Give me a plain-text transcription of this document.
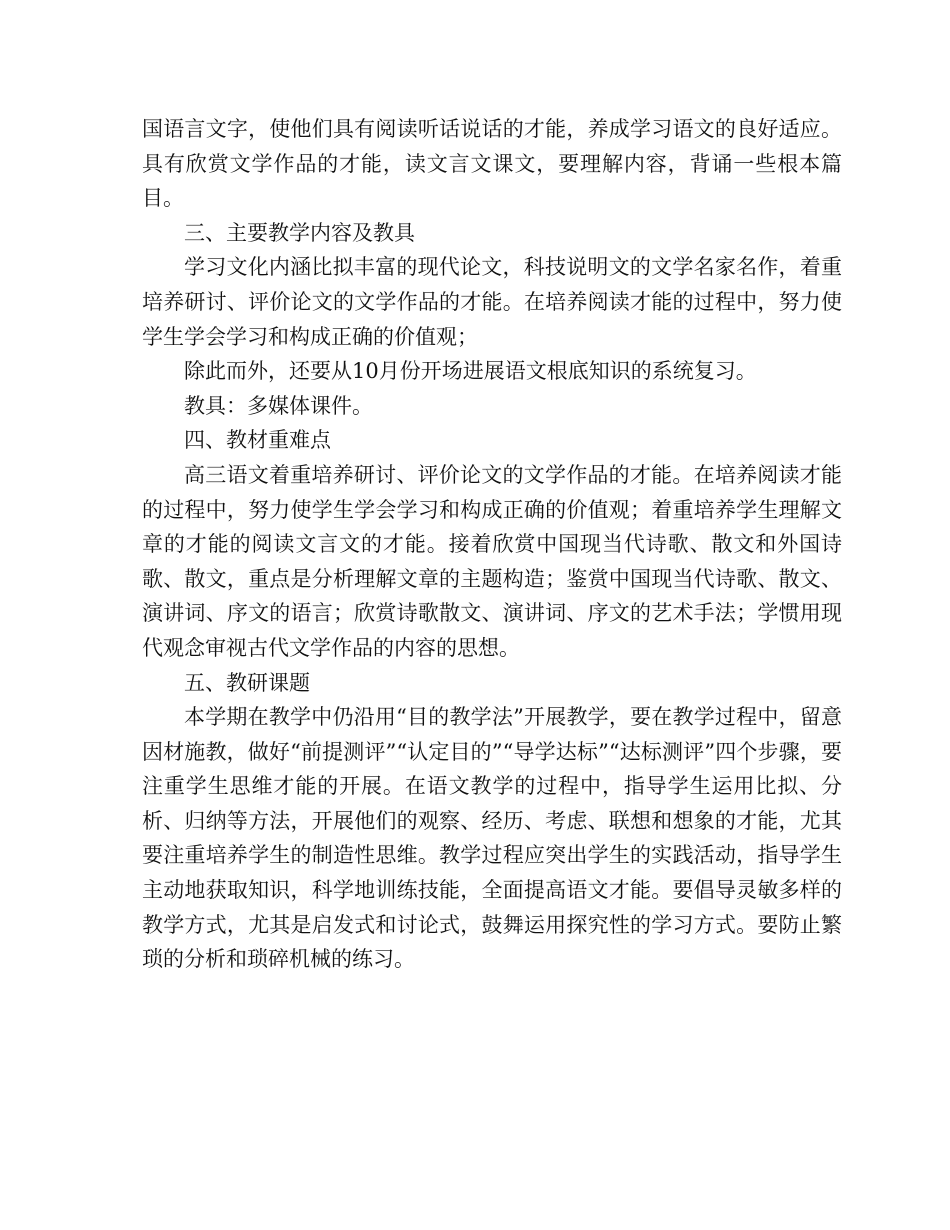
国语言文字，使他们具有阅读听话说话的才能，养成学习语文的良好适应。具有欣赏文学作品的才能，读文言文课文，要理解内容，背诵一些根本篇目。

三、主要教学内容及教具

学习文化内涵比拟丰富的现代论文，科技说明文的文学名家名作，着重培养研讨、评价论文的文学作品的才能。在培养阅读才能的过程中，努力使学生学会学习和构成正确的价值观；

除此而外，还要从10月份开场进展语文根底知识的系统复习。

教具：多媒体课件。

四、教材重难点

高三语文着重培养研讨、评价论文的文学作品的才能。在培养阅读才能的过程中，努力使学生学会学习和构成正确的价值观；着重培养学生理解文章的才能的阅读文言文的才能。接着欣赏中国现当代诗歌、散文和外国诗歌、散文，重点是分析理解文章的主题构造；鉴赏中国现当代诗歌、散文、演讲词、序文的语言；欣赏诗歌散文、演讲词、序文的艺术手法；学惯用现代观念审视古代文学作品的内容的思想。

五、教研课题

本学期在教学中仍沿用“目的教学法”开展教学，要在教学过程中，留意因材施教，做好“前提测评”“认定目的”“导学达标”“达标测评”四个步骤，要注重学生思维才能的开展。在语文教学的过程中，指导学生运用比拟、分析、归纳等方法，开展他们的观察、经历、考虑、联想和想象的才能，尤其要注重培养学生的制造性思维。教学过程应突出学生的实践活动，指导学生主动地获取知识，科学地训练技能，全面提高语文才能。要倡导灵敏多样的教学方式，尤其是启发式和讨论式，鼓舞运用探究性的学习方式。要防止繁琐的分析和琐碎机械的练习。
